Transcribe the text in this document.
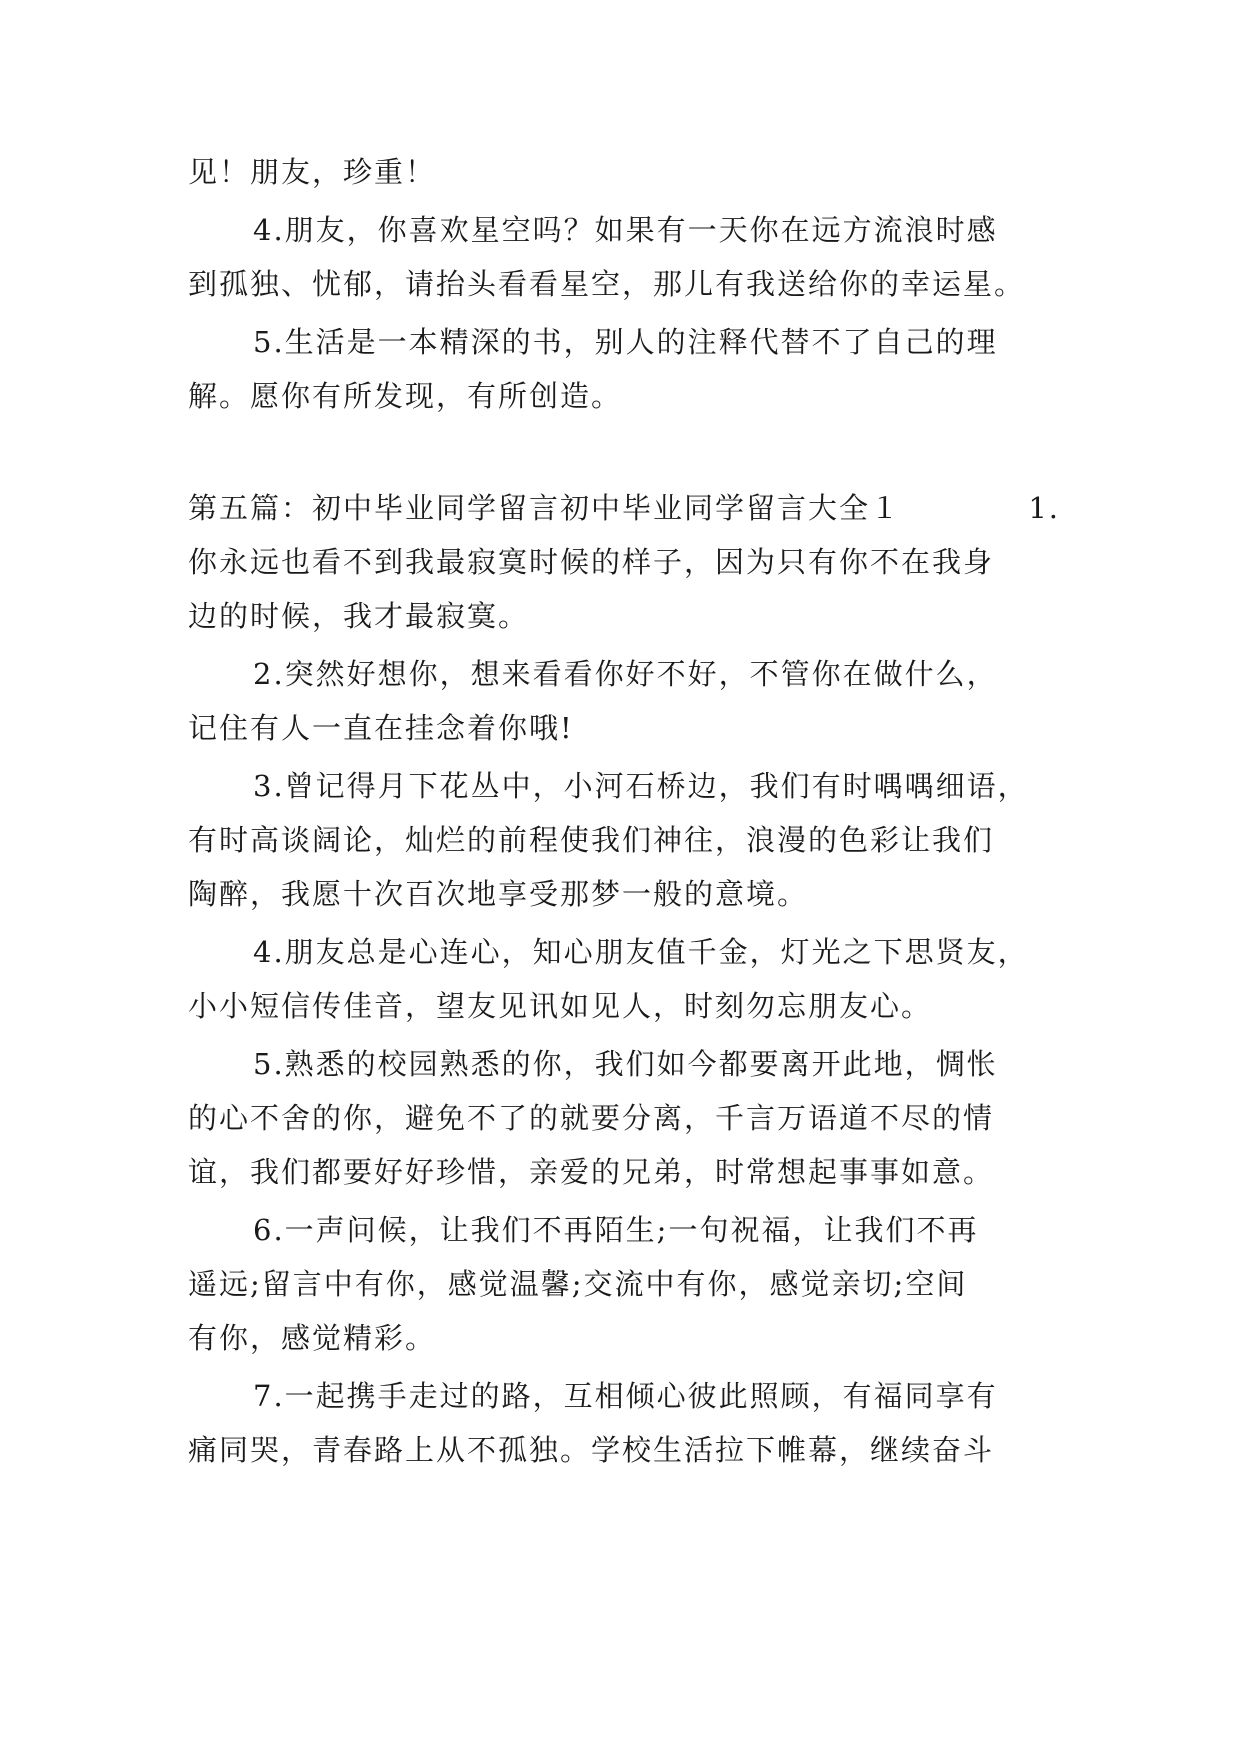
见！朋友，珍重！
4.朋友，你喜欢星空吗？如果有一天你在远方流浪时感
到孤独、忧郁，请抬头看看星空，那儿有我送给你的幸运星。
5.生活是一本精深的书，别人的注释代替不了自己的理
解。愿你有所发现，有所创造。
第五篇：初中毕业同学留言初中毕业同学留言大全１	1.
你永远也看不到我最寂寞时候的样子，因为只有你不在我身
边的时候，我才最寂寞。
2.突然好想你，想来看看你好不好，不管你在做什么，
记住有人一直在挂念着你哦!
3.曾记得月下花丛中，小河石桥边，我们有时喁喁细语，
有时高谈阔论，灿烂的前程使我们神往，浪漫的色彩让我们
陶醉，我愿十次百次地享受那梦一般的意境。
4.朋友总是心连心，知心朋友值千金，灯光之下思贤友，
小小短信传佳音，望友见讯如见人，时刻勿忘朋友心。
5.熟悉的校园熟悉的你，我们如今都要离开此地，惆怅
的心不舍的你，避免不了的就要分离，千言万语道不尽的情
谊，我们都要好好珍惜，亲爱的兄弟，时常想起事事如意。
6.一声问候，让我们不再陌生;一句祝福，让我们不再
遥远;留言中有你，感觉温馨;交流中有你，感觉亲切;空间
有你，感觉精彩。
7.一起携手走过的路，互相倾心彼此照顾，有福同享有
痛同哭，青春路上从不孤独。学校生活拉下帷幕，继续奋斗
